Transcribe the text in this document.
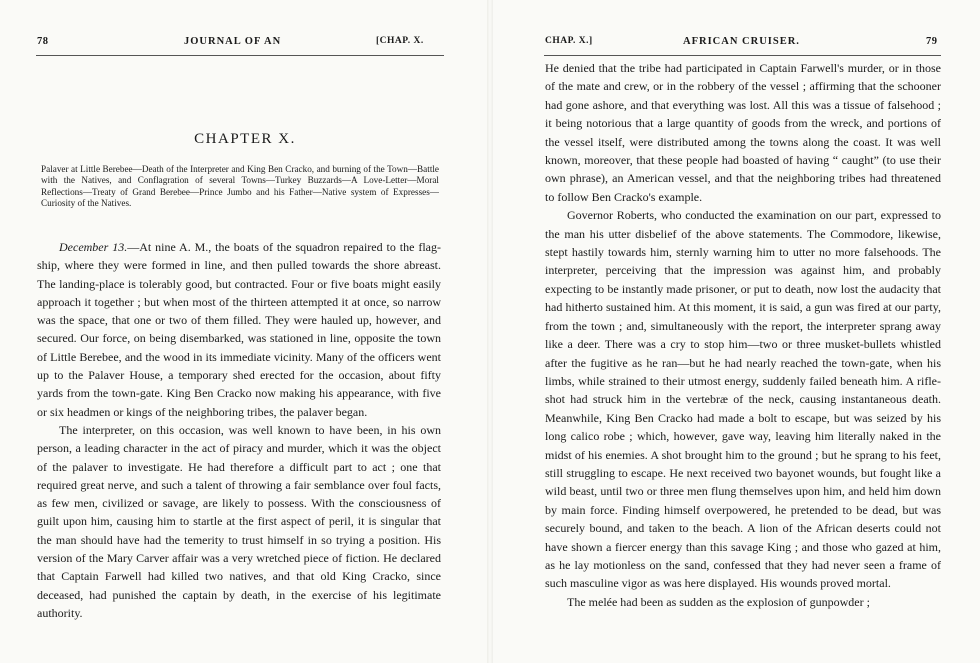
78	JOURNAL OF AN	[CHAP. X.
CHAPTER X.

Palaver at Little Berebee—Death of the Interpreter and King Ben Cracko, and burning of the Town—Battle with the Natives, and Conflagration of several Towns—Turkey Buzzards—A Love-Letter—Moral Reflections—Treaty of Grand Berebee—Prince Jumbo and his Father—Native system of Expresses—Curiosity of the Natives.

December 13.—At nine A. M., the boats of the squadron repaired to the flag-ship, where they were formed in line, and then pulled towards the shore abreast. The landing-place is tolerably good, but contracted. Four or five boats might easily approach it together ; but when most of the thirteen attempted it at once, so narrow was the space, that one or two of them filled. They were hauled up, however, and secured. Our force, on being disembarked, was stationed in line, opposite the town of Little Berebee, and the wood in its immediate vicinity. Many of the officers went up to the Palaver House, a temporary shed erected for the occasion, about fifty yards from the town-gate. King Ben Cracko now making his appearance, with five or six headmen or kings of the neighboring tribes, the palaver began.

The interpreter, on this occasion, was well known to have been, in his own person, a leading character in the act of piracy and murder, which it was the object of the palaver to investigate. He had therefore a difficult part to act ; one that required great nerve, and such a talent of throwing a fair semblance over foul facts, as few men, civilized or savage, are likely to possess. With the consciousness of guilt upon him, causing him to startle at the first aspect of peril, it is singular that the man should have had the temerity to trust himself in so trying a position. His version of the Mary Carver affair was a very wretched piece of fiction. He declared that Captain Farwell had killed two natives, and that old King Cracko, since deceased, had punished the captain by death, in the exercise of his legitimate authority.

CHAP. X.]	AFRICAN CRUISER.	79

He denied that the tribe had participated in Captain Farwell's murder, or in those of the mate and crew, or in the robbery of the vessel ; affirming that the schooner had gone ashore, and that everything was lost. All this was a tissue of falsehood ; it being notorious that a large quantity of goods from the wreck, and portions of the vessel itself, were distributed among the towns along the coast. It was well known, moreover, that these people had boasted of having “ caught” (to use their own phrase), an American vessel, and that the neighboring tribes had threatened to follow Ben Cracko's example.

Governor Roberts, who conducted the examination on our part, expressed to the man his utter disbelief of the above statements. The Commodore, likewise, stept hastily towards him, sternly warning him to utter no more falsehoods. The interpreter, perceiving that the impression was against him, and probably expecting to be instantly made prisoner, or put to death, now lost the audacity that had hitherto sustained him. At this moment, it is said, a gun was fired at our party, from the town ; and, simultaneously with the report, the interpreter sprang away like a deer. There was a cry to stop him—two or three musket-bullets whistled after the fugitive as he ran—but he had nearly reached the town-gate, when his limbs, while strained to their utmost energy, suddenly failed beneath him. A rifle-shot had struck him in the vertebræ of the neck, causing instantaneous death. Meanwhile, King Ben Cracko had made a bolt to escape, but was seized by his long calico robe ; which, however, gave way, leaving him literally naked in the midst of his enemies. A shot brought him to the ground ; but he sprang to his feet, still struggling to escape. He next received two bayonet wounds, but fought like a wild beast, until two or three men flung themselves upon him, and held him down by main force. Finding himself overpowered, he pretended to be dead, but was securely bound, and taken to the beach. A lion of the African deserts could not have shown a fiercer energy than this savage King ; and those who gazed at him, as he lay motionless on the sand, confessed that they had never seen a frame of such masculine vigor as was here displayed. His wounds proved mortal.

The melée had been as sudden as the explosion of gunpowder ;
